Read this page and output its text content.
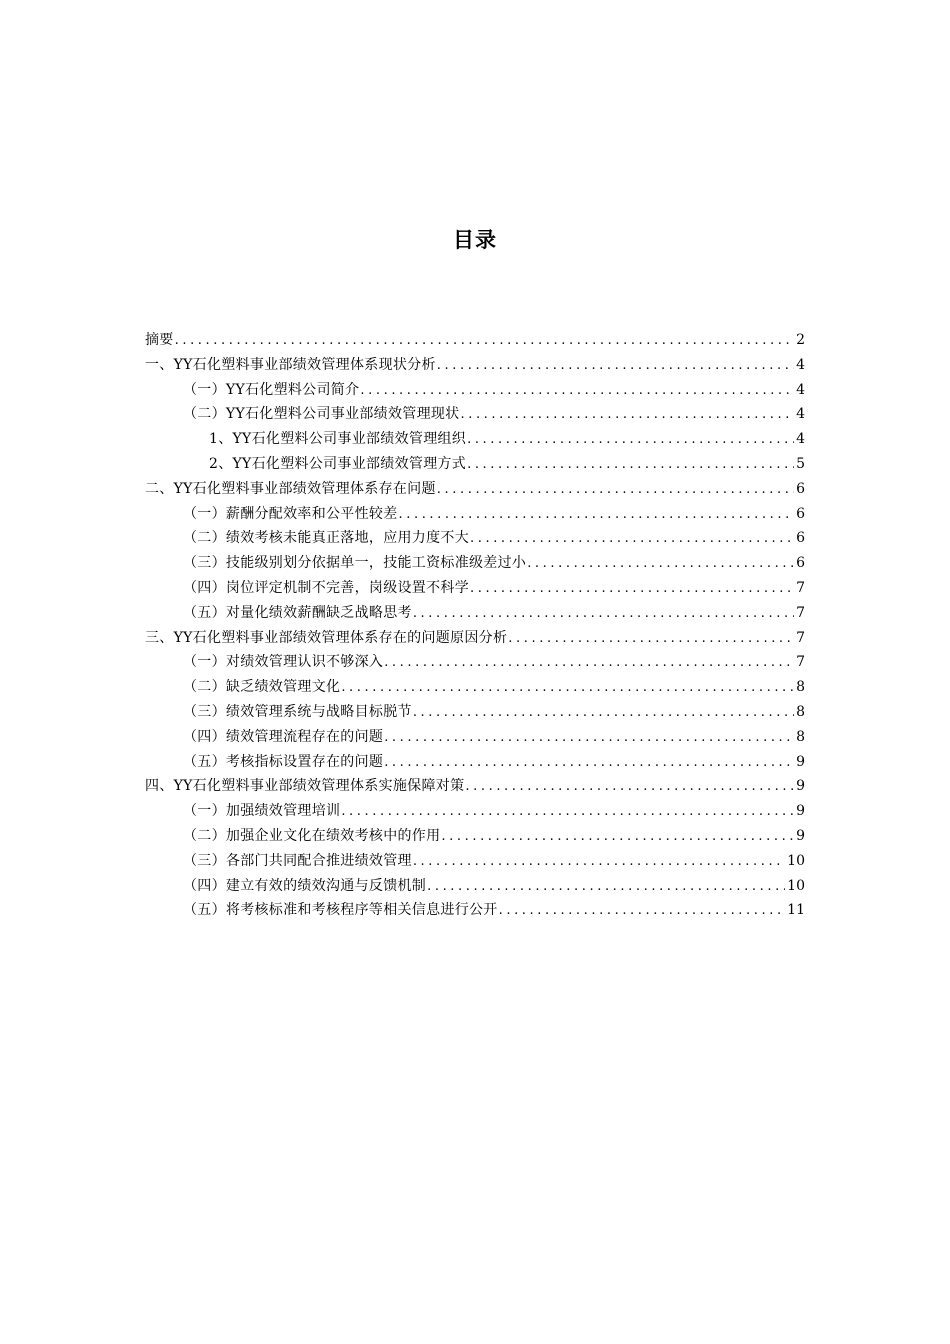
目录
摘要 .....	2
一、YY石化塑料事业部绩效管理体系现状分析 .....	4
（一）YY石化塑料公司简介 .....	4
（二）YY石化塑料公司事业部绩效管理现状 .....	4
1、YY石化塑料公司事业部绩效管理组织 .....	4
2、YY石化塑料公司事业部绩效管理方式 .....	5
二、YY石化塑料事业部绩效管理体系存在问题 .....	6
（一）薪酬分配效率和公平性较差 .....	6
（二）绩效考核未能真正落地，应用力度不大 .....	6
（三）技能级别划分依据单一，技能工资标准级差过小 .....	6
（四）岗位评定机制不完善，岗级设置不科学 .....	7
（五）对量化绩效薪酬缺乏战略思考 .....	7
三、YY石化塑料事业部绩效管理体系存在的问题原因分析 .....	7
（一）对绩效管理认识不够深入 .....	7
（二）缺乏绩效管理文化 .....	8
（三）绩效管理系统与战略目标脱节 .....	8
（四）绩效管理流程存在的问题 .....	8
（五）考核指标设置存在的问题 .....	9
四、YY石化塑料事业部绩效管理体系实施保障对策 .....	9
（一）加强绩效管理培训 .....	9
（二）加强企业文化在绩效考核中的作用 .....	9
（三）各部门共同配合推进绩效管理 .....	10
（四）建立有效的绩效沟通与反馈机制 .....	10
（五）将考核标准和考核程序等相关信息进行公开 .....	11
